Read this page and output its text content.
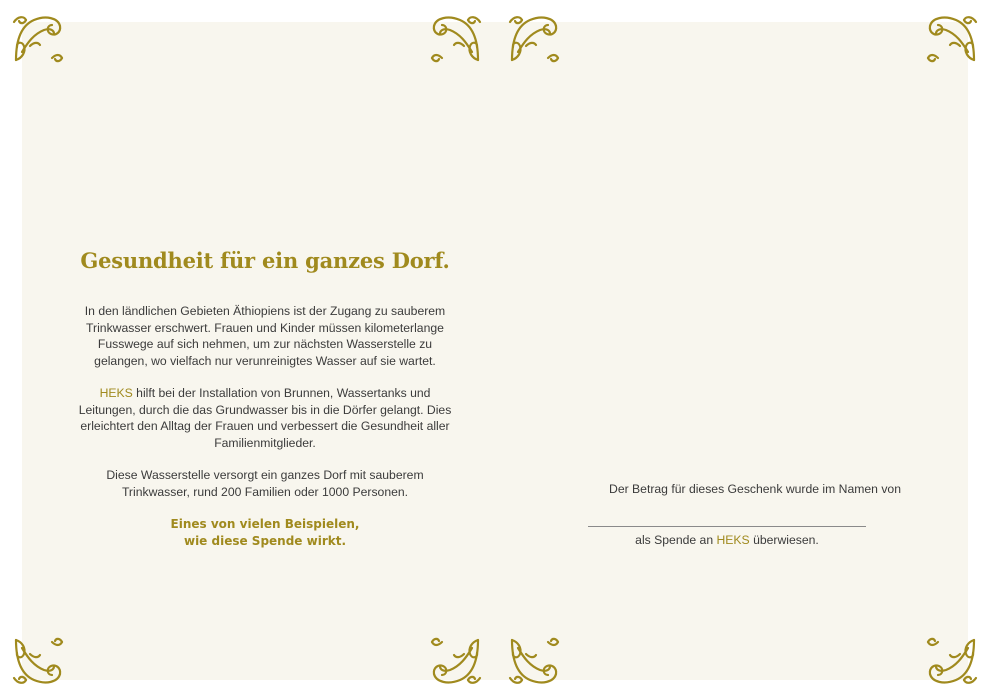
Gesundheit für ein ganzes Dorf.
In den ländlichen Gebieten Äthiopiens ist der Zugang zu sauberem Trinkwasser erschwert. Frauen und Kinder müssen kilometerlange Fusswege auf sich nehmen, um zur nächsten Wasserstelle zu gelangen, wo vielfach nur verunreinigtes Wasser auf sie wartet.
HEKS hilft bei der Installation von Brunnen, Wassertanks und Leitungen, durch die das Grundwasser bis in die Dörfer gelangt. Dies erleichtert den Alltag der Frauen und verbessert die Gesundheit aller Familienmitglieder.
Diese Wasserstelle versorgt ein ganzes Dorf mit sauberem Trinkwasser, rund 200 Familien oder 1000 Personen.
Eines von vielen Beispielen,
wie diese Spende wirkt.
Der Betrag für dieses Geschenk wurde im Namen von
als Spende an HEKS überwiesen.
